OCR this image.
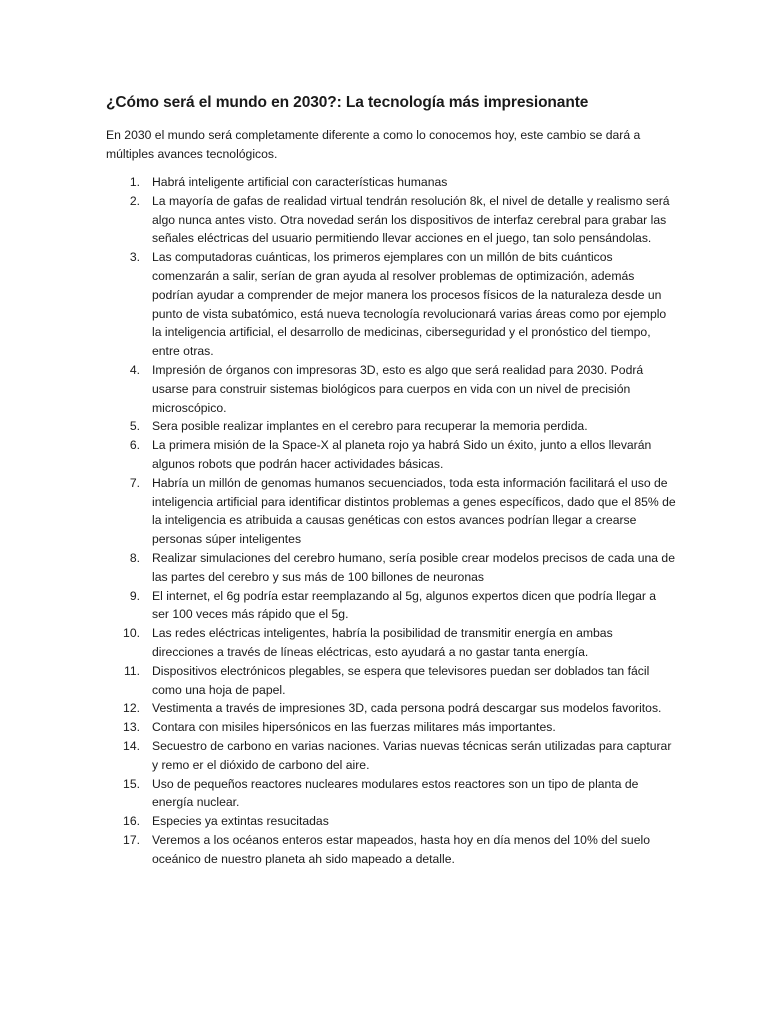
¿Cómo será el mundo en 2030?: La tecnología más impresionante
En 2030 el mundo será completamente diferente a como lo conocemos hoy, este cambio se dará a múltiples avances tecnológicos.
1. Habrá inteligente artificial con características humanas
2. La mayoría de gafas de realidad virtual tendrán resolución 8k, el nivel de detalle y realismo será algo nunca antes visto. Otra novedad serán los dispositivos de interfaz cerebral para grabar las señales eléctricas del usuario permitiendo llevar acciones en el juego, tan solo pensándolas.
3. Las computadoras cuánticas, los primeros ejemplares con un millón de bits cuánticos comenzarán a salir, serían de gran ayuda al resolver problemas de optimización, además podrían ayudar a comprender de mejor manera los procesos físicos de la naturaleza desde un punto de vista subatómico, está nueva tecnología revolucionará varias áreas como por ejemplo la inteligencia artificial, el desarrollo de medicinas, ciberseguridad y el pronóstico del tiempo, entre otras.
4. Impresión de órganos con impresoras 3D, esto es algo que será realidad para 2030. Podrá usarse para construir sistemas biológicos para cuerpos en vida con un nivel de precisión microscópico.
5. Sera posible realizar implantes en el cerebro para recuperar la memoria perdida.
6. La primera misión de la Space-X al planeta rojo ya habrá Sido un éxito, junto a ellos llevarán algunos robots que podrán hacer actividades básicas.
7. Habría un millón de genomas humanos secuenciados, toda esta información facilitará el uso de inteligencia artificial para identificar distintos problemas a genes específicos, dado que el 85% de la inteligencia es atribuida a causas genéticas con estos avances podrían llegar a crearse personas súper inteligentes
8. Realizar simulaciones del cerebro humano, sería posible crear modelos precisos de cada una de las partes del cerebro y sus más de 100 billones de neuronas
9. El internet, el 6g podría estar reemplazando al 5g, algunos expertos dicen que podría llegar a ser 100 veces más rápido que el 5g.
10. Las redes eléctricas inteligentes, habría la posibilidad de transmitir energía en ambas direcciones a través de líneas eléctricas, esto ayudará a no gastar tanta energía.
11. Dispositivos electrónicos plegables, se espera que televisores puedan ser doblados tan fácil como una hoja de papel.
12. Vestimenta a través de impresiones 3D, cada persona podrá descargar sus modelos favoritos.
13. Contara con misiles hipersónicos en las fuerzas militares más importantes.
14. Secuestro de carbono en varias naciones. Varias nuevas técnicas serán utilizadas para capturar y remo er el dióxido de carbono del aire.
15. Uso de pequeños reactores nucleares modulares estos reactores son un tipo de planta de energía nuclear.
16. Especies ya extintas resucitadas
17. Veremos a los océanos enteros estar mapeados, hasta hoy en día menos del 10% del suelo oceánico de nuestro planeta ah sido mapeado a detalle.
